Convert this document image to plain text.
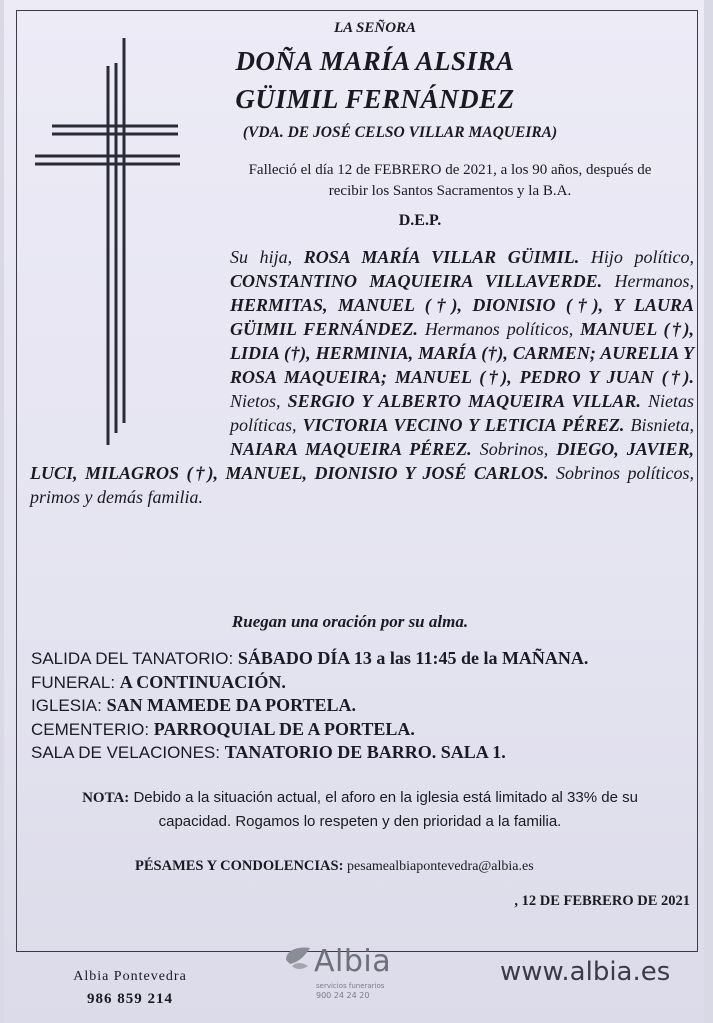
LA SEÑORA
DOÑA MARÍA ALSIRA
GÜIMIL FERNÁNDEZ
(VDA. DE JOSÉ CELSO VILLAR MAQUEIRA)
Falleció el día 12 de FEBRERO de 2021, a los 90 años, después de
recibir los Santos Sacramentos y la B.A.
D.E.P.
Su hija, ROSA MARÍA VILLAR GÜIMIL. Hijo político, CONSTANTINO MAQUIEIRA VILLAVERDE. Hermanos, HERMITAS, MANUEL (†), DIONISIO (†), Y LAURA GÜIMIL FERNÁNDEZ. Hermanos políticos, MANUEL (†), LIDIA (†), HERMINIA, MARÍA (†), CARMEN; AURELIA Y ROSA MAQUEIRA; MANUEL (†), PEDRO Y JUAN (†). Nietos, SERGIO Y ALBERTO MAQUEIRA VILLAR. Nietas políticas, VICTORIA VECINO Y LETICIA PÉREZ. Bisnieta, NAIARA MAQUEIRA PÉREZ. Sobrinos, DIEGO, JAVIER, LUCI, MILAGROS (†), MANUEL, DIONISIO Y JOSÉ CARLOS. Sobrinos políticos, primos y demás familia.
Ruegan una oración por su alma.
SALIDA DEL TANATORIO: SÁBADO DÍA 13 a las 11:45 de la MAÑANA.
FUNERAL: A CONTINUACIÓN.
IGLESIA: SAN MAMEDE DA PORTELA.
CEMENTERIO: PARROQUIAL DE A PORTELA.
SALA DE VELACIONES: TANATORIO DE BARRO. SALA 1.
NOTA: Debido a la situación actual, el aforo en la iglesia está limitado al 33% de su
capacidad. Rogamos lo respeten y den prioridad a la familia.
PÉSAMES Y CONDOLENCIAS: pesamealbiapontevedra@albia.es
, 12 DE FEBRERO DE 2021
Albia Pontevedra
986 859 214
Albia
servicios funerarios
900 24 24 20
www.albia.es
